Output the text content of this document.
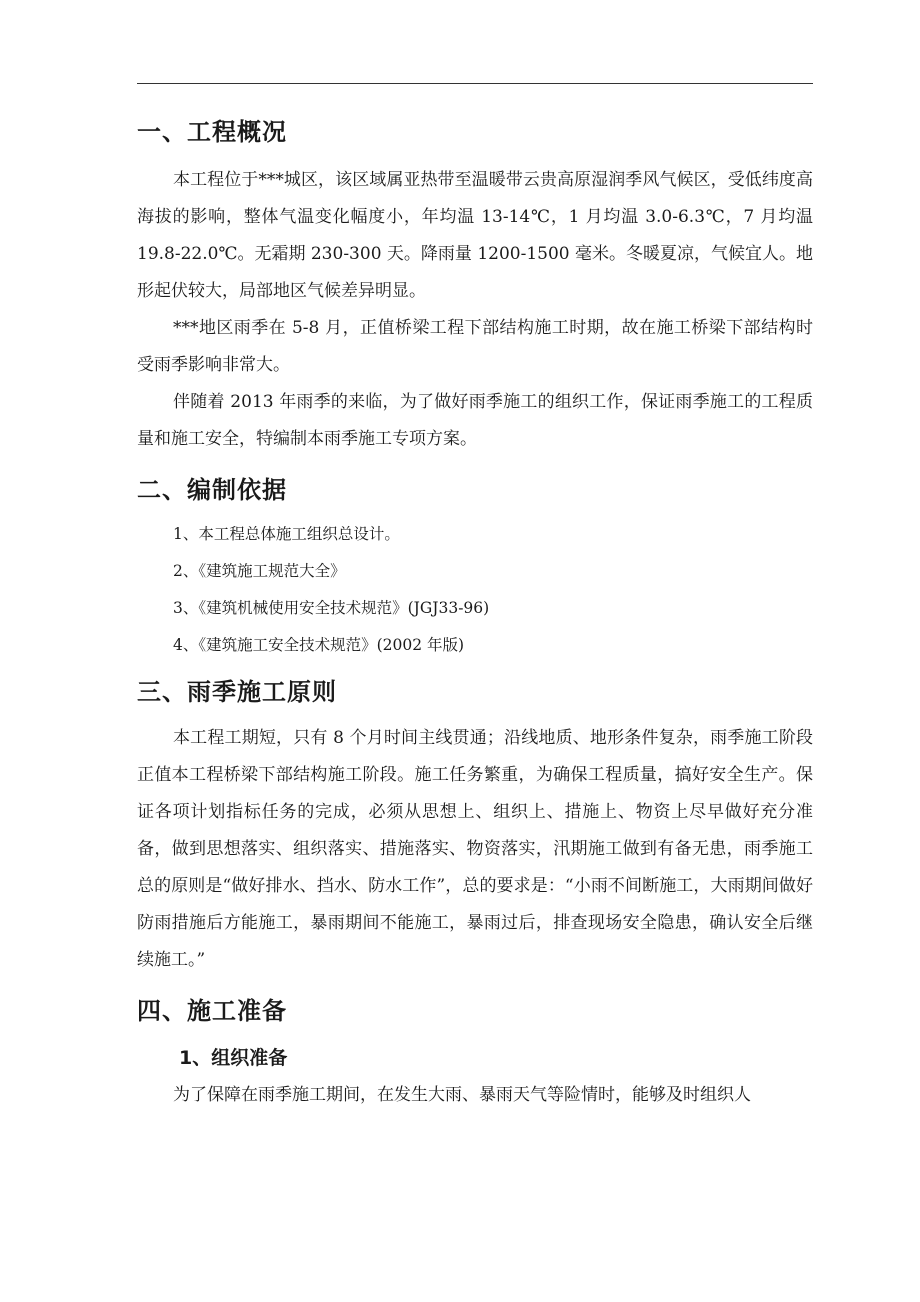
一、工程概况

本工程位于***城区，该区域属亚热带至温暖带云贵高原湿润季风气候区，受低纬度高海拔的影响，整体气温变化幅度小，年均温 13-14℃，1 月均温 3.0-6.3℃，7 月均温 19.8-22.0℃。无霜期 230-300 天。降雨量 1200-1500 毫米。冬暖夏凉，气候宜人。地形起伏较大，局部地区气候差异明显。

***地区雨季在 5-8 月，正值桥梁工程下部结构施工时期，故在施工桥梁下部结构时受雨季影响非常大。

伴随着 2013 年雨季的来临，为了做好雨季施工的组织工作，保证雨季施工的工程质量和施工安全，特编制本雨季施工专项方案。

二、编制依据
1、本工程总体施工组织总设计。
2、《建筑施工规范大全》
3、《建筑机械使用安全技术规范》(JGJ33-96)
4、《建筑施工安全技术规范》(2002 年版)
三、雨季施工原则

本工程工期短，只有 8 个月时间主线贯通；沿线地质、地形条件复杂，雨季施工阶段正值本工程桥梁下部结构施工阶段。施工任务繁重，为确保工程质量，搞好安全生产。保证各项计划指标任务的完成，必须从思想上、组织上、措施上、物资上尽早做好充分准备，做到思想落实、组织落实、措施落实、物资落实，汛期施工做到有备无患，雨季施工总的原则是“做好排水、挡水、防水工作”，总的要求是：“小雨不间断施工，大雨期间做好防雨措施后方能施工，暴雨期间不能施工，暴雨过后，排查现场安全隐患，确认安全后继续施工。”

四、施工准备
1、组织准备

为了保障在雨季施工期间，在发生大雨、暴雨天气等险情时，能够及时组织人
